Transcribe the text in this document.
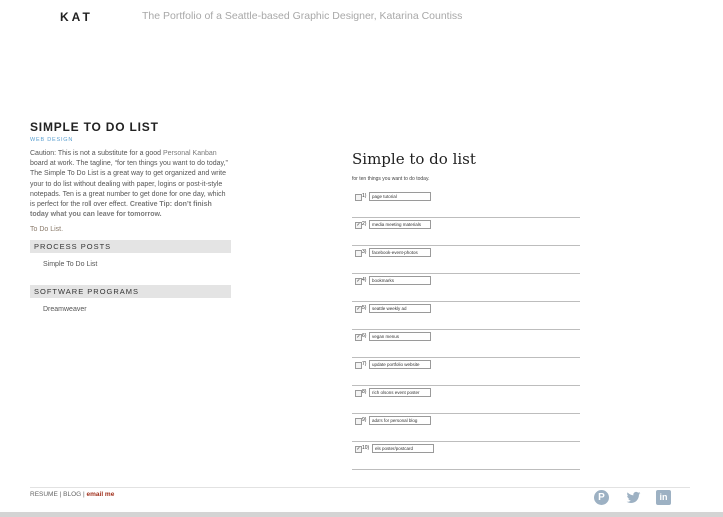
KAT	The Portfolio of a Seattle-based Graphic Designer, Katarina Countiss
SIMPLE TO DO LIST
WEB DESIGN
Caution: This is not a substitute for a good Personal Kanban board at work. The tagline, “for ten things you want to do today,” The Simple To Do List is a great way to get organized and write your to do list without dealing with paper, logins or post-it-style notepads. Ten is a great number to get done for one day, which is perfect for the roll over effect. Creative Tip: don’t finish today what you can leave for tomorrow.
To Do List.
PROCESS POSTS
Simple To Do List
SOFTWARE PROGRAMS
Dreamweaver
Simple to do list
for ten things you want to do today.
1)	page tutorial
✓ 2)	media meeting materials
3)	facebook-event-photos
✓ 4)	bookmarks
✓ 5)	seattle weekly ad
✓ 6)	vegan menus
7)	update portfolio website
8)	rich olsons event poster
9)	ada's for personal blog
✓ 10)	els poster/postcard
RESUME | BLOG | email me	P	in
